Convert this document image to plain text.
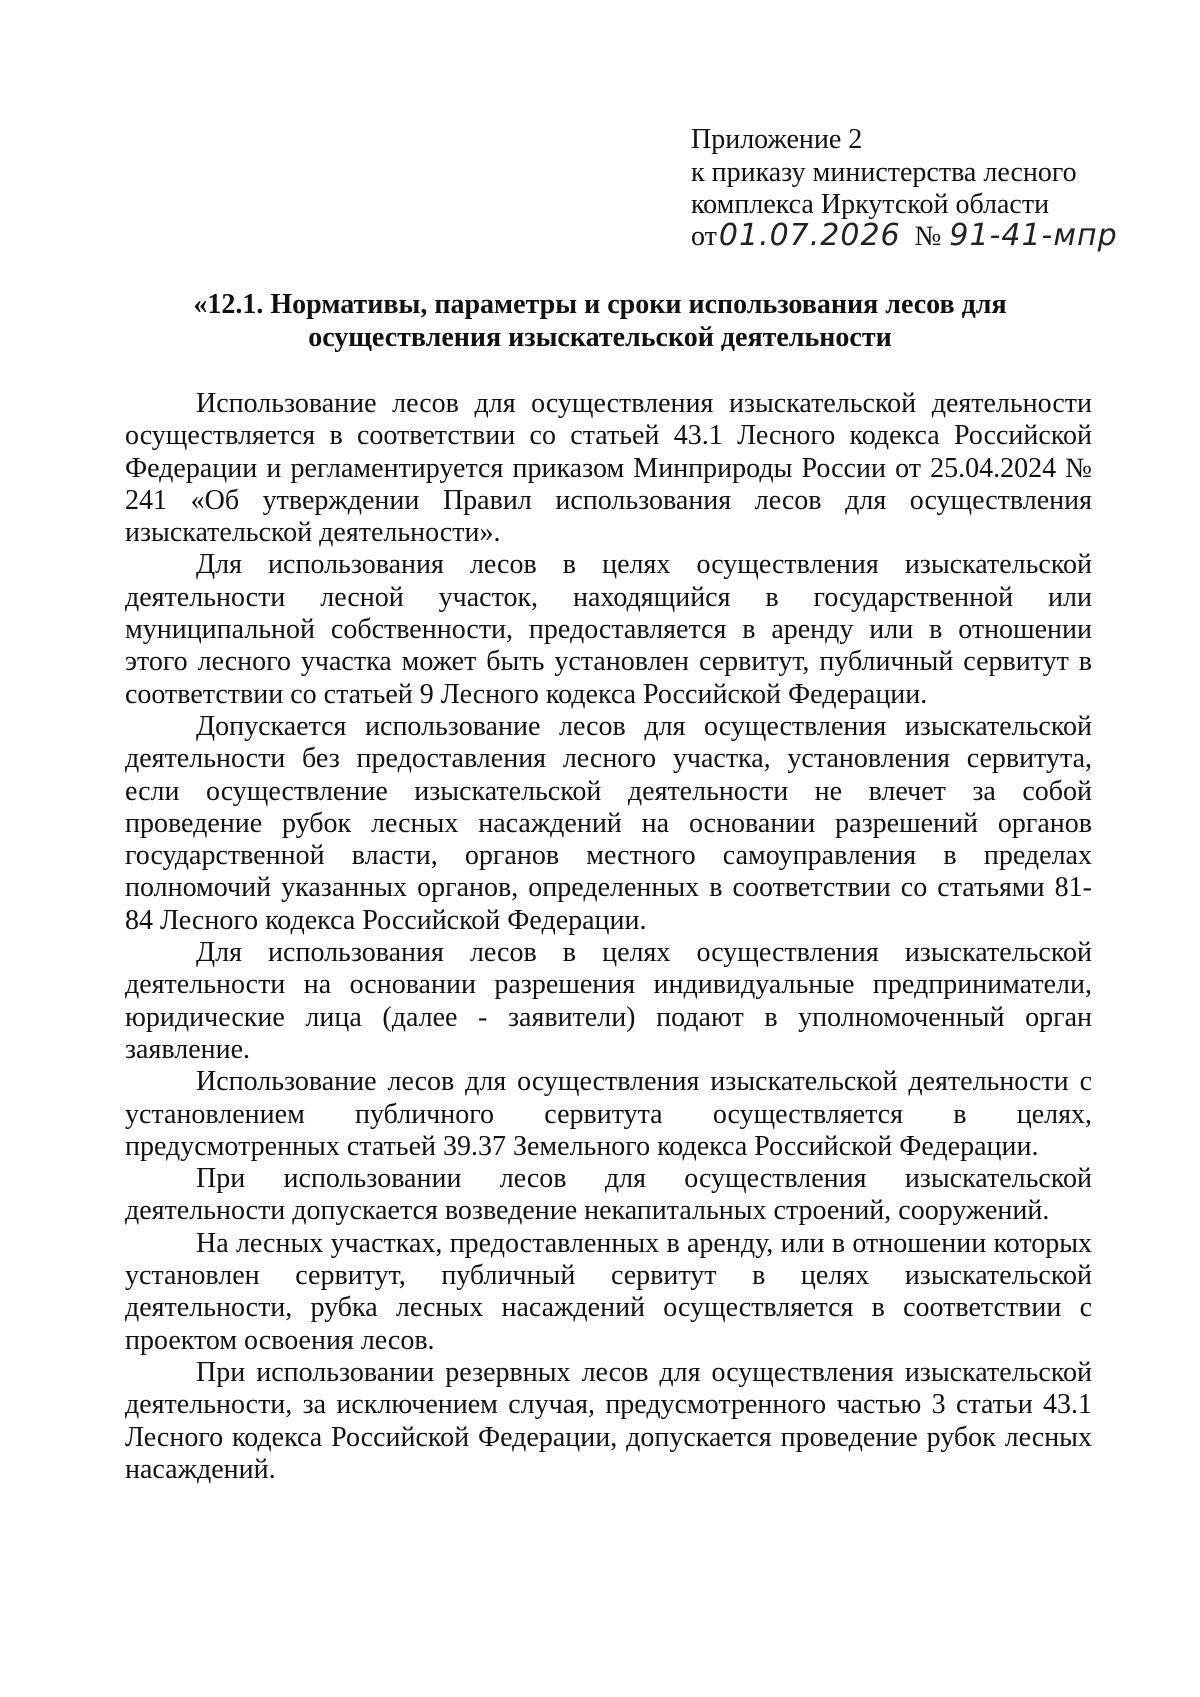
Приложение 2
к приказу министерства лесного
комплекса Иркутской области
от01.07.2026 № 91-41-мпр
«12.1. Нормативы, параметры и сроки использования лесов для
осуществления изыскательской деятельности

Использование лесов для осуществления изыскательской деятельности осуществляется в соответствии со статьей 43.1 Лесного кодекса Российской Федерации и регламентируется приказом Минприроды России от 25.04.2024 № 241 «Об утверждении Правил использования лесов для осуществления изыскательской деятельности».

Для использования лесов в целях осуществления изыскательской деятельности лесной участок, находящийся в государственной или муниципальной собственности, предоставляется в аренду или в отношении этого лесного участка может быть установлен сервитут, публичный сервитут в соответствии со статьей 9 Лесного кодекса Российской Федерации.

Допускается использование лесов для осуществления изыскательской деятельности без предоставления лесного участка, установления сервитута, если осуществление изыскательской деятельности не влечет за собой проведение рубок лесных насаждений на основании разрешений органов государственной власти, органов местного самоуправления в пределах полномочий указанных органов, определенных в соответствии со статьями 81-84 Лесного кодекса Российской Федерации.

Для использования лесов в целях осуществления изыскательской деятельности на основании разрешения индивидуальные предприниматели, юридические лица (далее - заявители) подают в уполномоченный орган заявление.

Использование лесов для осуществления изыскательской деятельности с установлением публичного сервитута осуществляется в целях, предусмотренных статьей 39.37 Земельного кодекса Российской Федерации.

При использовании лесов для осуществления изыскательской деятельности допускается возведение некапитальных строений, сооружений.

На лесных участках, предоставленных в аренду, или в отношении которых установлен сервитут, публичный сервитут в целях изыскательской деятельности, рубка лесных насаждений осуществляется в соответствии с проектом освоения лесов.

При использовании резервных лесов для осуществления изыскательской деятельности, за исключением случая, предусмотренного частью 3 статьи 43.1 Лесного кодекса Российской Федерации, допускается проведение рубок лесных насаждений.
